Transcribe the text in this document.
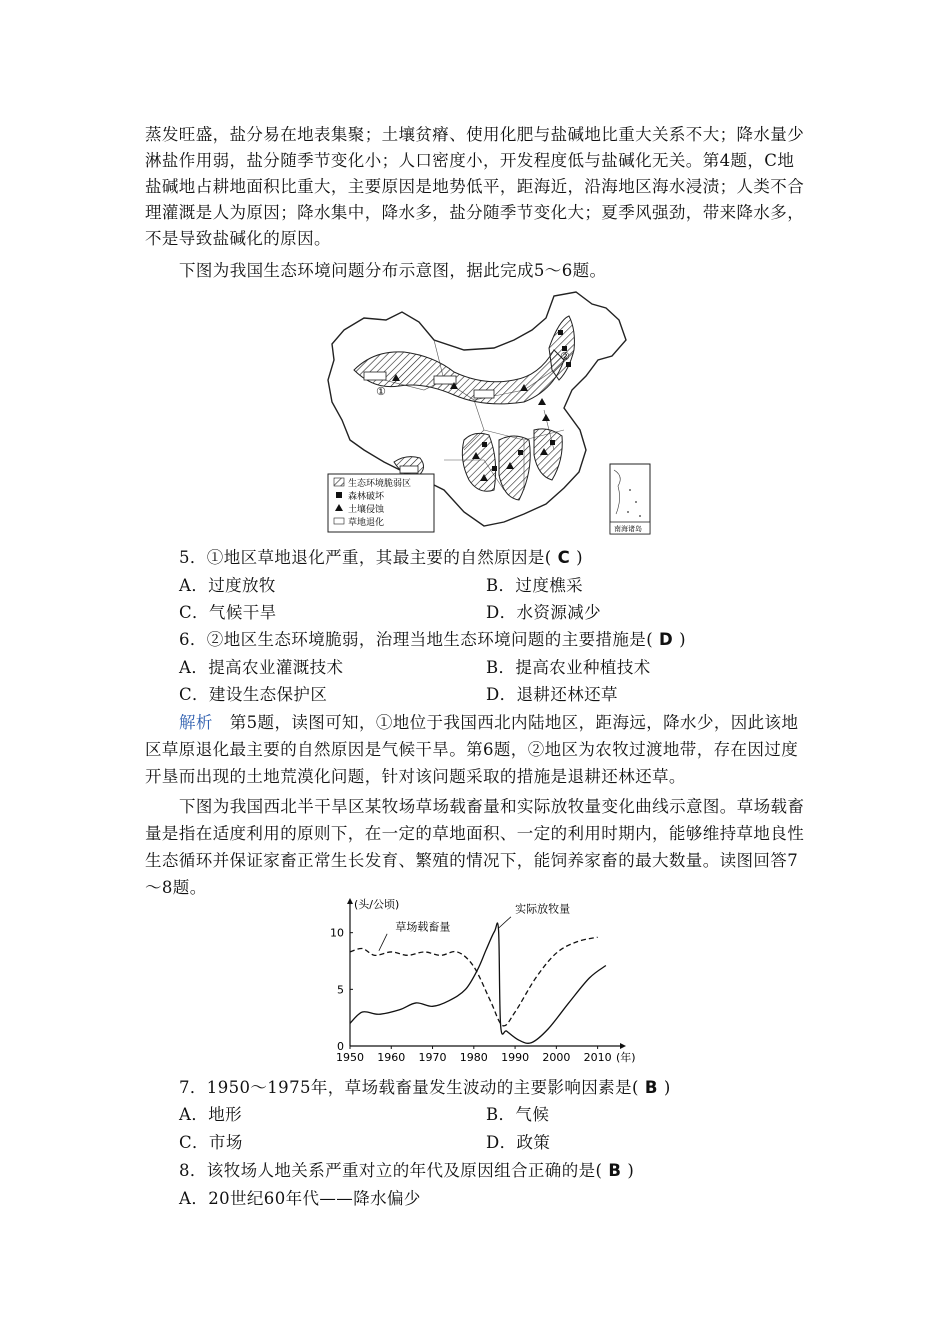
蒸发旺盛，盐分易在地表集聚；土壤贫瘠、使用化肥与盐碱地比重大关系不大；降水量少
淋盐作用弱，盐分随季节变化小；人口密度小，开发程度低与盐碱化无关。第4题，C地
盐碱地占耕地面积比重大，主要原因是地势低平，距海近，沿海地区海水浸渍；人类不合
理灌溉是人为原因；降水集中，降水多，盐分随季节变化大；夏季风强劲，带来降水多，
不是导致盐碱化的原因。
下图为我国生态环境问题分布示意图，据此完成5～6题。
①
②
生态环境脆弱区
森林破坏
土壤侵蚀
草地退化
南海诸岛
5．①地区草地退化严重，其最主要的自然原因是( C )
A．过度放牧	B．过度樵采
C．气候干旱	D．水资源减少
6．②地区生态环境脆弱，治理当地生态环境问题的主要措施是( D )
A．提高农业灌溉技术	B．提高农业种植技术
C．建设生态保护区	D．退耕还林还草
解析 第5题，读图可知，①地位于我国西北内陆地区，距海远，降水少，因此该地
区草原退化最主要的自然原因是气候干旱。第6题，②地区为农牧过渡地带，存在因过度
开垦而出现的土地荒漠化问题，针对该问题采取的措施是退耕还林还草。
下图为我国西北半干旱区某牧场草场载畜量和实际放牧量变化曲线示意图。草场载畜
量是指在适度利用的原则下，在一定的草地面积、一定的利用时期内，能够维持草地良性
生态循环并保证家畜正常生长发育、繁殖的情况下，能饲养家畜的最大数量。读图回答7
～8题。
1950 1960 1970 1980 1990 2000 2010
0
5
10
(头/公顷)
(年)
草场载畜量
实际放牧量
7．1950～1975年，草场载畜量发生波动的主要影响因素是( B )
A．地形	B．气候
C．市场	D．政策
8．该牧场人地关系严重对立的年代及原因组合正确的是( B )
A．20世纪60年代——降水偏少
